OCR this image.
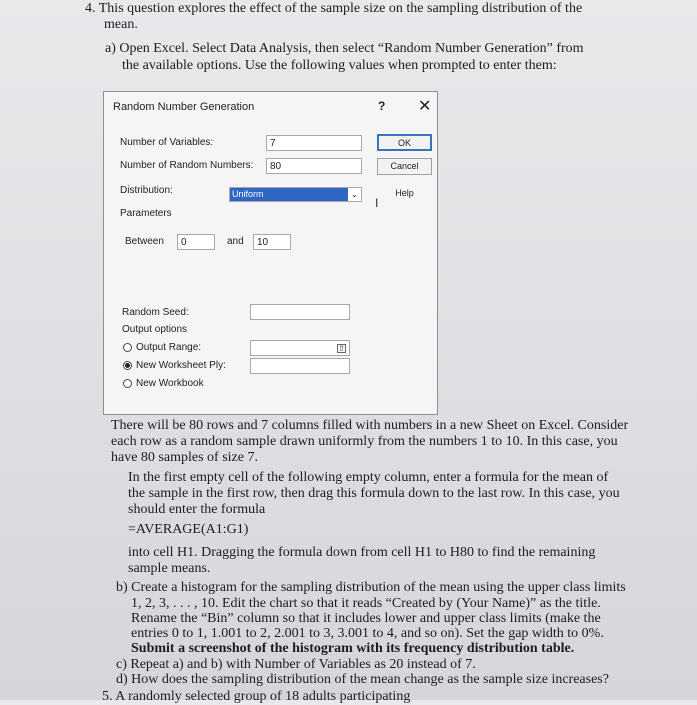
4. This question explores the effect of the sample size on the sampling distribution of the
mean.
a) Open Excel. Select Data Analysis, then select “Random Number Generation” from
the available options. Use the following values when prompted to enter them:
Random Number Generation	? ✕
Number of Variables:	7
Number of Random Numbers:	80
Distribution:	Uniform	⌄
Parameters
Between	0	and	10
Random Seed:
Output options
Output Range:	⇧
New Worksheet Ply:
New Workbook
OK
Cancel
Help
I
There will be 80 rows and 7 columns filled with numbers in a new Sheet on Excel. Consider
each row as a random sample drawn uniformly from the numbers 1 to 10. In this case, you
have 80 samples of size 7.
In the first empty cell of the following empty column, enter a formula for the mean of
the sample in the first row, then drag this formula down to the last row. In this case, you
should enter the formula
=AVERAGE(A1:G1)
into cell H1. Dragging the formula down from cell H1 to H80 to find the remaining
sample means.
b) Create a histogram for the sampling distribution of the mean using the upper class limits
1, 2, 3, . . . , 10. Edit the chart so that it reads “Created by (Your Name)” as the title.
Rename the “Bin” column so that it includes lower and upper class limits (make the
entries 0 to 1, 1.001 to 2, 2.001 to 3, 3.001 to 4, and so on). Set the gap width to 0%.
Submit a screenshot of the histogram with its frequency distribution table.
c) Repeat a) and b) with Number of Variables as 20 instead of 7.
d) How does the sampling distribution of the mean change as the sample size increases?
5. A randomly selected group of 18 adults participating
